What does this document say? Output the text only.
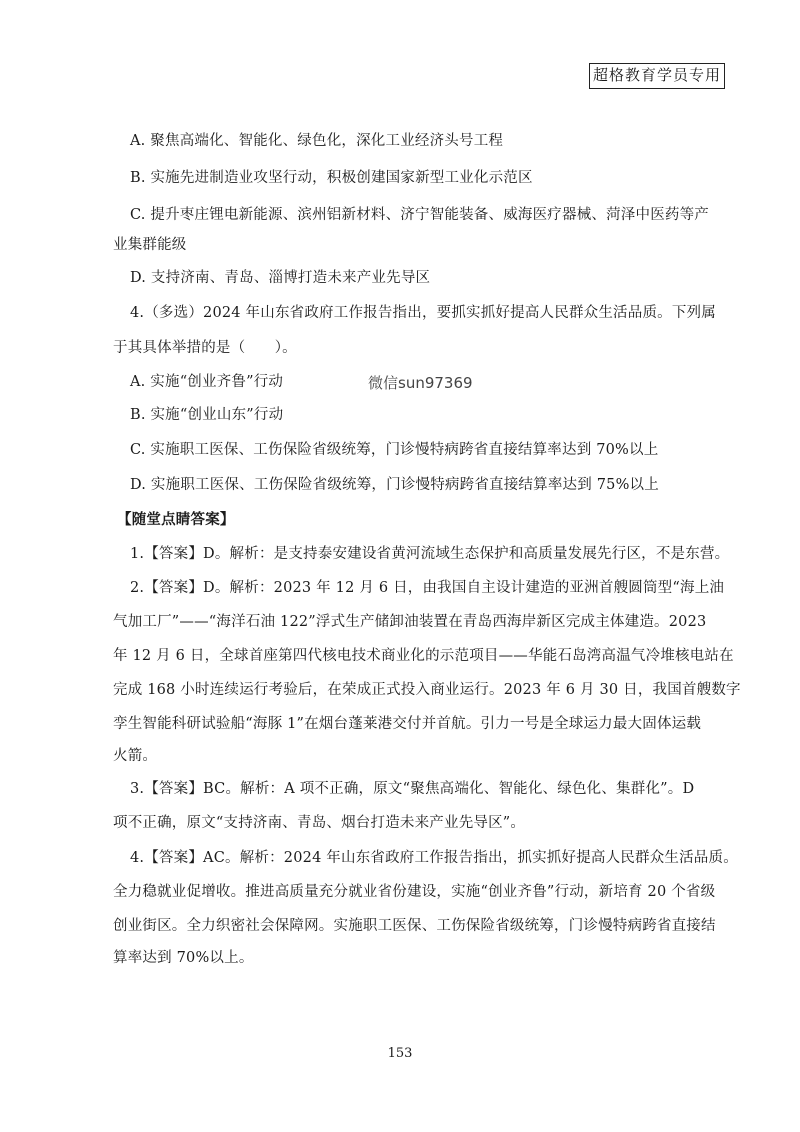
超格教育学员专用
A. 聚焦高端化、智能化、绿色化，深化工业经济头号工程
B. 实施先进制造业攻坚行动，积极创建国家新型工业化示范区
C. 提升枣庄锂电新能源、滨州铝新材料、济宁智能装备、威海医疗器械、菏泽中医药等产
业集群能级
D. 支持济南、青岛、淄博打造未来产业先导区
4.（多选）2024 年山东省政府工作报告指出，要抓实抓好提高人民群众生活品质。下列属
于其具体举措的是（　　）。
A. 实施“创业齐鲁”行动	微信sun97369
B. 实施“创业山东”行动
C. 实施职工医保、工伤保险省级统筹，门诊慢特病跨省直接结算率达到 70%以上
D. 实施职工医保、工伤保险省级统筹，门诊慢特病跨省直接结算率达到 75%以上
【随堂点睛答案】
1.【答案】D。解析：是支持泰安建设省黄河流域生态保护和高质量发展先行区，不是东营。
2.【答案】D。解析：2023 年 12 月 6 日，由我国自主设计建造的亚洲首艘圆筒型“海上油
气加工厂”——“海洋石油 122”浮式生产储卸油装置在青岛西海岸新区完成主体建造。2023
年 12 月 6 日，全球首座第四代核电技术商业化的示范项目——华能石岛湾高温气冷堆核电站在
完成 168 小时连续运行考验后，在荣成正式投入商业运行。2023 年 6 月 30 日，我国首艘数字
孪生智能科研试验船“海豚 1”在烟台蓬莱港交付并首航。引力一号是全球运力最大固体运载
火箭。
3.【答案】BC。解析：A 项不正确，原文“聚焦高端化、智能化、绿色化、集群化”。D
项不正确，原文“支持济南、青岛、烟台打造未来产业先导区”。
4.【答案】AC。解析：2024 年山东省政府工作报告指出，抓实抓好提高人民群众生活品质。
全力稳就业促增收。推进高质量充分就业省份建设，实施“创业齐鲁”行动，新培育 20 个省级
创业街区。全力织密社会保障网。实施职工医保、工伤保险省级统筹，门诊慢特病跨省直接结
算率达到 70%以上。
153
